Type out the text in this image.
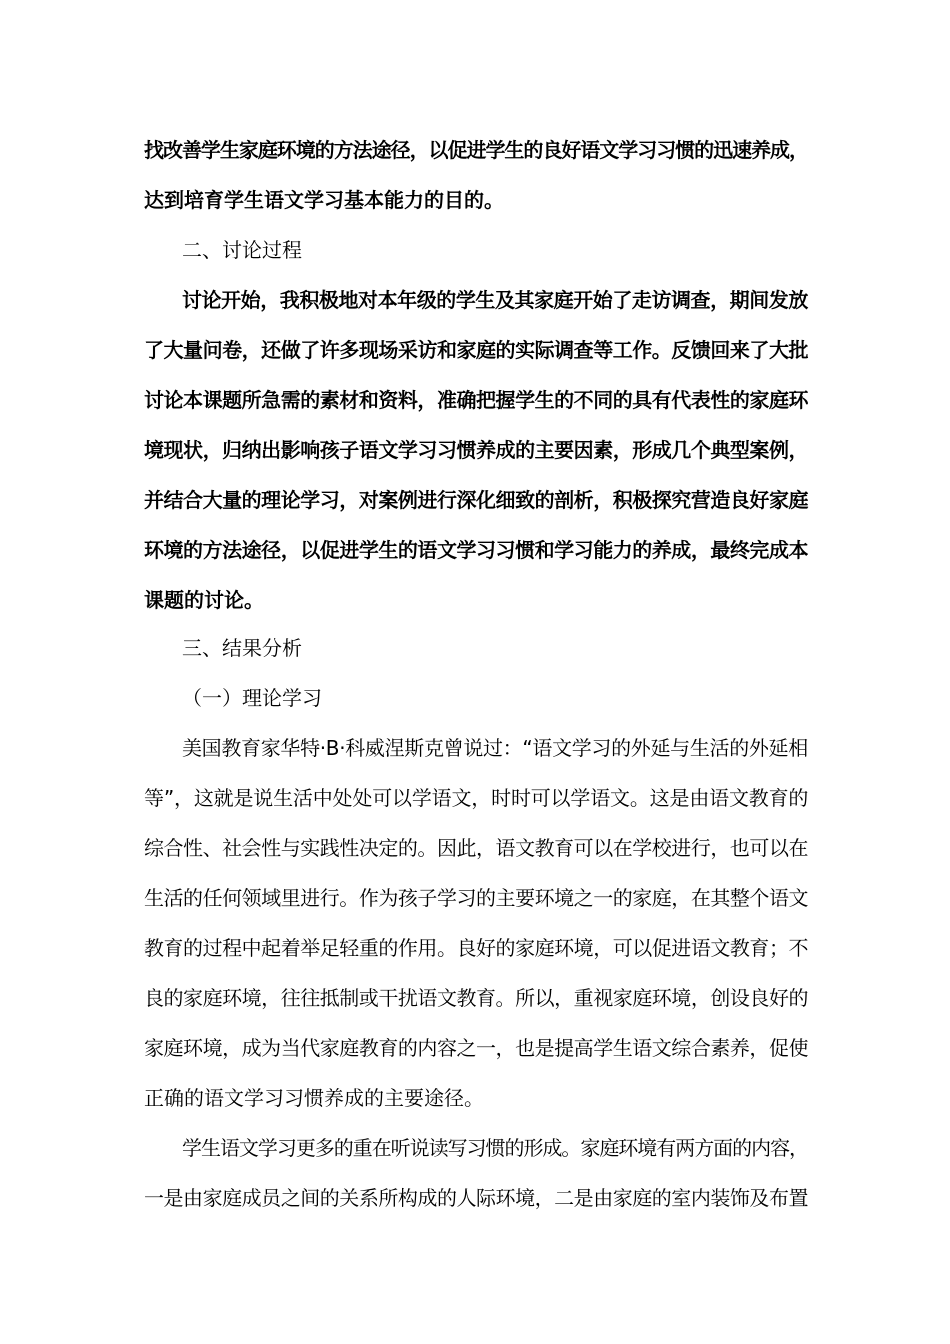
找改善学生家庭环境的方法途径，以促进学生的良好语文学习习惯的迅速养成，
达到培育学生语文学习基本能力的目的。
二、讨论过程
讨论开始，我积极地对本年级的学生及其家庭开始了走访调查，期间发放
了大量问卷，还做了许多现场采访和家庭的实际调查等工作。反馈回来了大批
讨论本课题所急需的素材和资料，准确把握学生的不同的具有代表性的家庭环
境现状，归纳出影响孩子语文学习习惯养成的主要因素，形成几个典型案例，
并结合大量的理论学习，对案例进行深化细致的剖析，积极探究营造良好家庭
环境的方法途径，以促进学生的语文学习习惯和学习能力的养成，最终完成本
课题的讨论。
三、结果分析
（一）理论学习
美国教育家华特·B·科威涅斯克曾说过：“语文学习的外延与生活的外延相
等”，这就是说生活中处处可以学语文，时时可以学语文。这是由语文教育的
综合性、社会性与实践性决定的。因此，语文教育可以在学校进行，也可以在
生活的任何领域里进行。作为孩子学习的主要环境之一的家庭，在其整个语文
教育的过程中起着举足轻重的作用。良好的家庭环境，可以促进语文教育；不
良的家庭环境，往往抵制或干扰语文教育。所以，重视家庭环境，创设良好的
家庭环境，成为当代家庭教育的内容之一，也是提高学生语文综合素养，促使
正确的语文学习习惯养成的主要途径。
学生语文学习更多的重在听说读写习惯的形成。家庭环境有两方面的内容，
一是由家庭成员之间的关系所构成的人际环境，二是由家庭的室内装饰及布置
